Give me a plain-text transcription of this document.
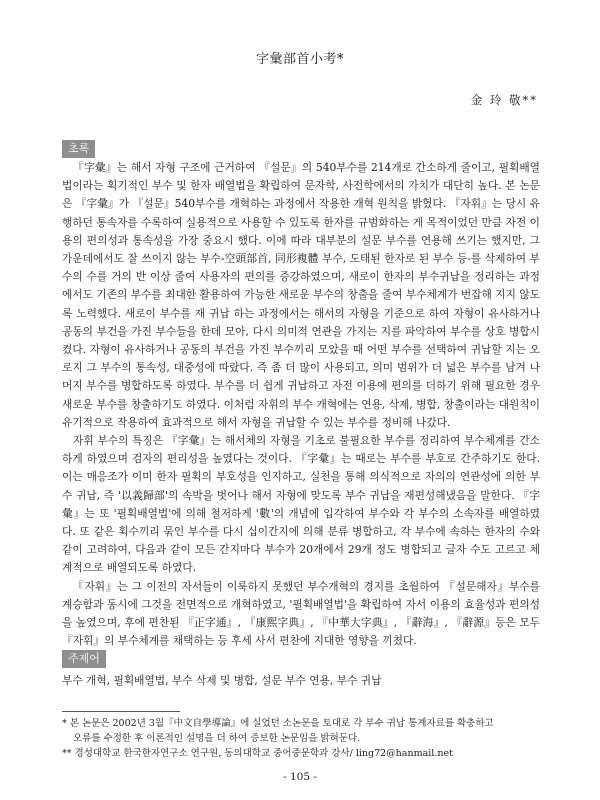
字彙部首小考*
金 玲 敬**
초록

『字彙』는 해서 자형 구조에 근거하여 『설문』의 540부수를 214개로 간소하게 줄이고, 필획배열법이라는 획기적인 부수 및 한자 배열법을 확립하여 문자학, 사전학에서의 가치가 대단히 높다. 본 논문은 『字彙』가 『설문』540부수를 개혁하는 과정에서 작용한 개혁 원칙을 밝혔다. 『자휘』는 당시 유행하던 통속자를 수록하여 실용적으로 사용할 수 있도록 한자를 규범화하는 게 목적이었던 만큼 자전 이용의 편의성과 통속성을 가장 중요시 했다. 이에 따라 대부분의 설문 부수를 연용해 쓰기는 했지만, 그 가운데에서도 잘 쓰이지 않는 부수-空頭部首, 同形複體 부수, 도태된 한자로 된 부수 등-를 삭제하여 부수의 수를 거의 반 이상 줄여 사용자의 편의를 증강하였으며, 새로이 한자의 부수귀납을 정리하는 과정에서도 기존의 부수를 최대한 활용하여 가능한 새로운 부수의 창출을 줄여 부수체계가 번잡해 지지 않도록 노력했다. 새로이 부수를 재 귀납 하는 과정에서는 해서의 자형을 기준으로 하여 자형이 유사하거나 공동의 부건을 가진 부수들을 한데 모아, 다시 의미적 연관을 가지는 지를 파악하여 부수를 상호 병합시켰다. 자형이 유사하거나 공동의 부건을 가진 부수끼리 모았을 때 어떤 부수를 선택하여 귀납할 지는 오로지 그 부수의 통속성, 대중성에 따랐다. 즉 좀 더 많이 사용되고, 의미 범위가 더 넓은 부수를 남겨 나머지 부수를 병합하도록 하였다. 부수를 더 쉽게 귀납하고 자전 이용에 편의를 더하기 위해 필요한 경우 새로운 부수를 창출하기도 하였다. 이처럼 자휘의 부수 개혁에는 연용, 삭제, 병합, 창출이라는 대원칙이 유기적으로 작용하여 효과적으로 해서 자형을 귀납할 수 있는 부수를 정비해 나갔다.

자휘 부수의 특징은 『字彙』는 해서체의 자형을 기초로 불필요한 부수를 정리하여 부수체계를 간소하게 하였으며 검자의 편리성을 높였다는 것이다. 『字彙』는 때로는 부수를 부호로 간주하기도 한다. 이는 매응조가 이미 한자 필획의 부호성을 인지하고, 실천을 통해 의식적으로 자의의 연관성에 의한 부수 귀납, 즉 '以義歸部'의 속박을 벗어나 해서 자형에 맞도록 부수 귀납을 재편성해냈음을 말한다. 『字彙』는 또 '필획배열법'에 의해 철저하게 '數'의 개념에 입각하여 부수와 각 부수의 소속자를 배열하였다. 또 같은 획수끼리 묶인 부수를 다시 십이간지에 의해 분류 병합하고, 각 부수에 속하는 한자의 수와 같이 고려하여, 다음과 같이 모든 간지마다 부수가 20개에서 29개 정도 병합되고 글자 수도 고르고 체계적으로 배열되도록 하였다.

『자휘』는 그 이전의 자서들이 이룩하지 못했던 부수개혁의 경지를 초월하여 『설문해자』부수를 계승함과 동시에 그것을 전면적으로 개혁하였고, '필획배열법'을 확립하여 자서 이용의 효율성과 편의성을 높였으며, 후에 편찬된 『正字通』, 『康熙字典』, 『中華大字典』, 『辭海』, 『辭源』등은 모두 『자휘』의 부수체계를 채택하는 등 후세 사서 편찬에 지대한 영향을 끼쳤다.

주제어
부수 개혁, 필획배열법, 부수 삭제 및 병합, 설문 부수 연용, 부수 귀납
* 본 논문은 2002년 3월『中文自學導論』에 실었던 소논문을 토대로 각 부수 귀납 통계자료를 확충하고
오류를 수정한 후 이론적인 설명을 더 하여 증보한 논문임을 밝혀둔다.
** 경성대학교 한국한자연구소 연구원, 동의대학교 중어중문학과 강사/ ling72@hanmail.net
- 105 -
